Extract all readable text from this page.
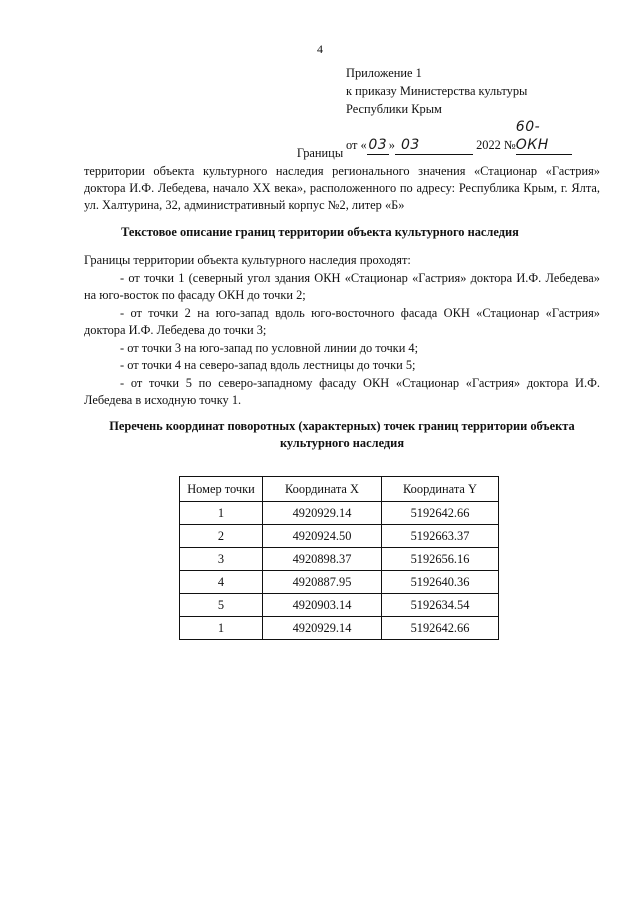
4
Приложение 1
к приказу Министерства культуры
Республики Крым
от « 03 » 03	2022 №60-ОКН
Границы
территории объекта культурного наследия регионального значения «Стационар «Гастрия» доктора И.Ф. Лебедева, начало XX века», расположенного по адресу: Республика Крым, г. Ялта, ул. Халтурина, 32, административный корпус №2, литер «Б»
Текстовое описание границ территории объекта культурного наследия

Границы территории объекта культурного наследия проходят:

- от точки 1 (северный угол здания ОКН «Стационар «Гастрия» доктора И.Ф. Лебедева» на юго-восток по фасаду ОКН до точки 2;

- от точки 2 на юго-запад вдоль юго-восточного фасада ОКН «Стационар «Гастрия» доктора И.Ф. Лебедева до точки 3;

- от точки 3 на юго-запад по условной линии до точки 4;

- от точки 4 на северо-запад вдоль лестницы до точки 5;

- от точки 5 по северо-западному фасаду ОКН «Стационар «Гастрия» доктора И.Ф. Лебедева в исходную точку 1.

Перечень координат поворотных (характерных) точек границ территории объекта культурного наследия
Номер точки	Координата X	Координата Y
1	4920929.14	5192642.66
2	4920924.50	5192663.37
3	4920898.37	5192656.16
4	4920887.95	5192640.36
5	4920903.14	5192634.54
1	4920929.14	5192642.66
